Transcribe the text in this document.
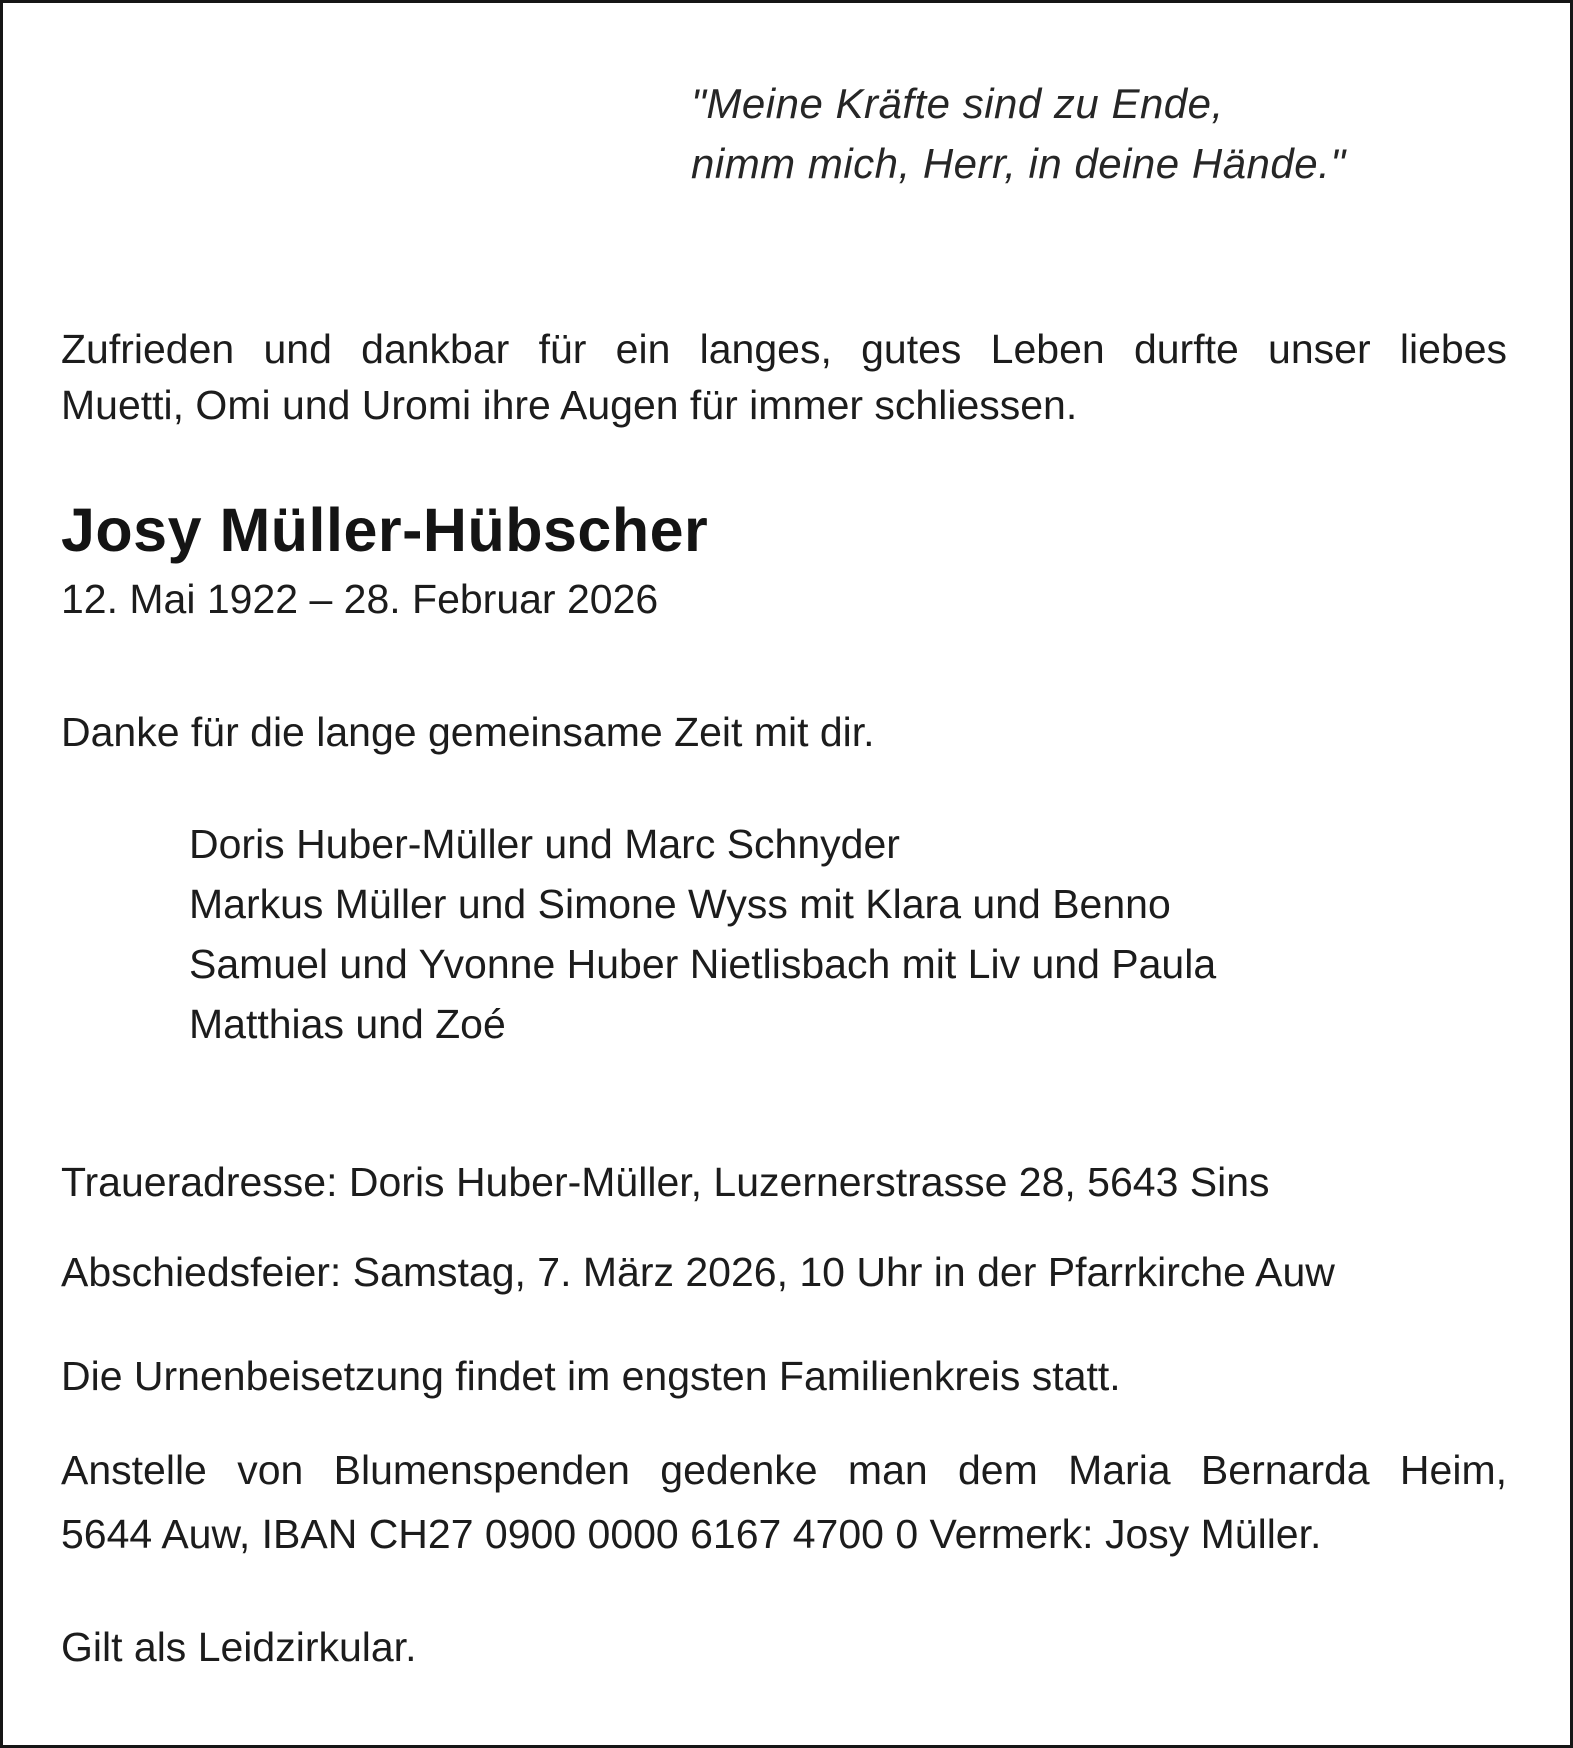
"Meine Kräfte sind zu Ende,
nimm mich, Herr, in deine Hände."
Zufrieden und dankbar für ein langes, gutes Leben durfte unser liebes
Muetti, Omi und Uromi ihre Augen für immer schliessen.
Josy Müller-Hübscher
12. Mai 1922 – 28. Februar 2026
Danke für die lange gemeinsame Zeit mit dir.
Doris Huber-Müller und Marc Schnyder
Markus Müller und Simone Wyss mit Klara und Benno
Samuel und Yvonne Huber Nietlisbach mit Liv und Paula
Matthias und Zoé
Traueradresse: Doris Huber-Müller, Luzernerstrasse 28, 5643 Sins
Abschiedsfeier: Samstag, 7. März 2026, 10 Uhr in der Pfarrkirche Auw
Die Urnenbeisetzung findet im engsten Familienkreis statt.
Anstelle von Blumenspenden gedenke man dem Maria Bernarda Heim,
5644 Auw, IBAN CH27 0900 0000 6167 4700 0 Vermerk: Josy Müller.
Gilt als Leidzirkular.
